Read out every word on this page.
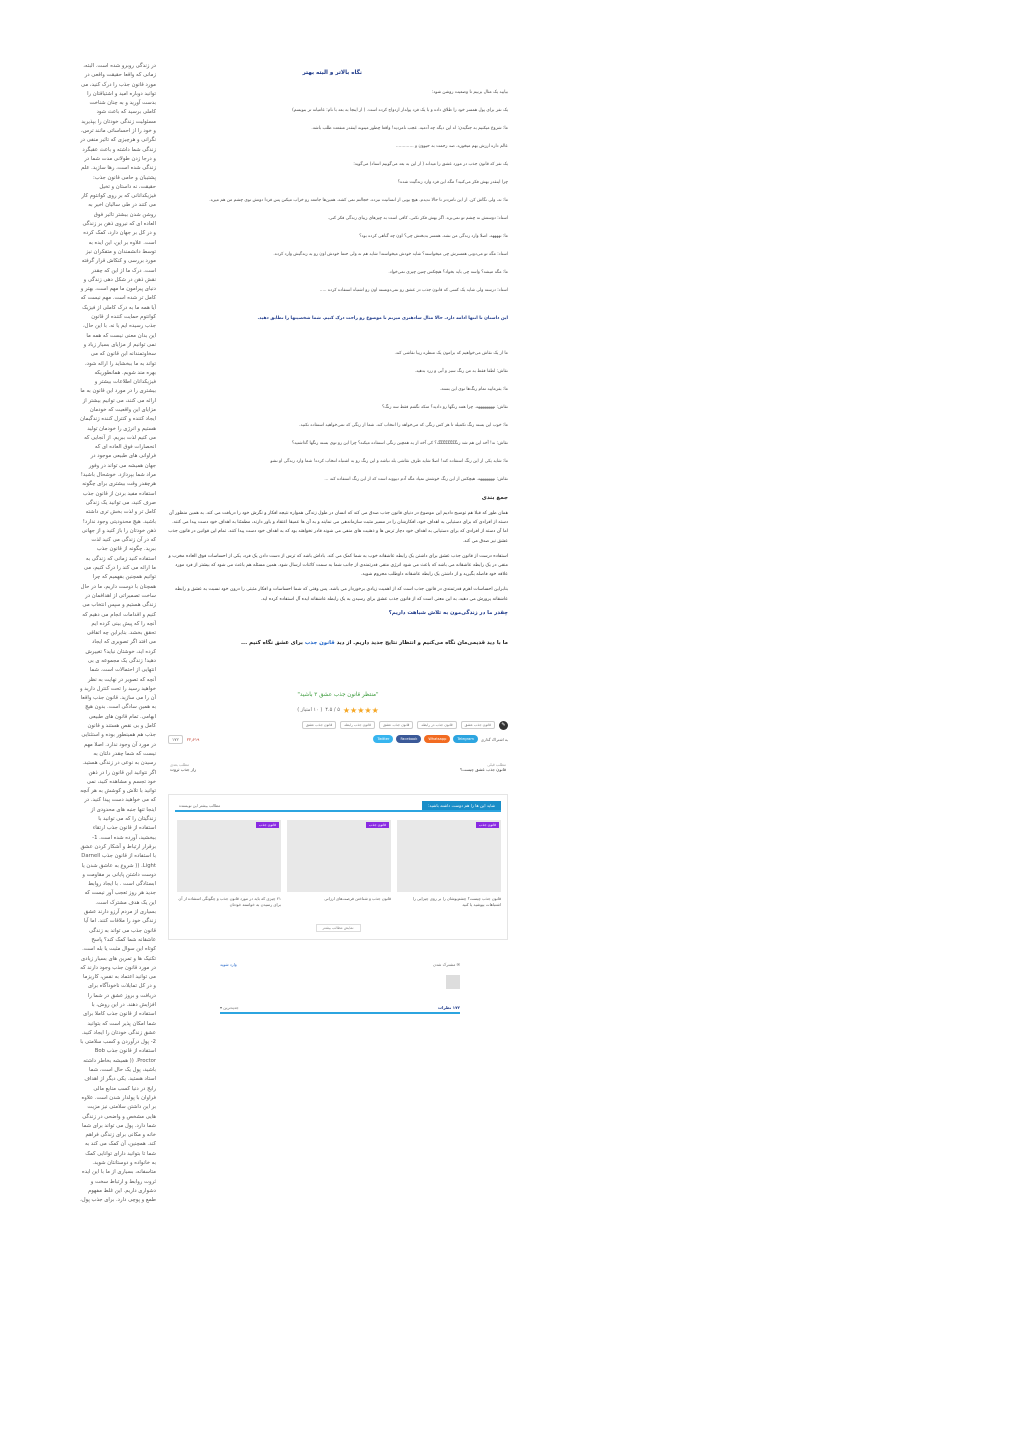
در زندگی روبرو شده است. البته، زمانی که واقعا حقیقت واقعی در مورد قانون جذب را درک کنید، می توانید دوباره امید و اشتیاقتان را بدست آورید و به چنان شناخت کاملی برسید که باعث شود مسئولیت زندگی خودتان را بپذیرید و خود را از احساساتی مانند ترس، نگرانی و هرچیزی که تاثیر منفی در زندگی شما داشته و باعث عقبگرد و درجا زدن طولانی مدت شما در زندگی شده است، رها سازید. علم پشتیبان و حامی قانون جذب: حقیقت، نه داستان و تخیل فیزیکدانانی که بر روی کوانتوم کار می کنند در طی سالیان اخیر به روشن شدن بیشتر تاثیر فوق العاده ای که نیروی ذهن بر زندگی و در کل بر جهان دارد، کمک کرده است. علاوه بر این، این ایده به توسط دانشمندان و متفکران نیز مورد بررسی و کنکاش قرار گرفته است. درک ما از این که چقدر نقش ذهن در شکل دهی زندگی و دنیای پیرامون ما مهم است، بهتر و کامل تر شده است. مهم نیست که آیا همه ما به درک کاملی از فیزیک کوانتوم حمایت کننده از قانون جذب رسیده ایم یا نه. با این حال، این بدان معنی نیست که همه ما نمی توانیم از مزایای بسیار زیاد و سخاوتمندانه این قانون که می تواند به ما ببخشاید را ارائه شود، بهره مند شویم. همانطوریکه فیزیکدانان اطلاعات بیشتر و بیشتری را در مورد این قانون به ما ارائه می کنند، می توانیم بیشتر از مزایای این واقعیت که خودمان ایجاد کننده و کنترل کننده زندگیمان هستیم و انرژی را خودمان تولید می کنیم لذت ببریم. از آنجایی که انحصارات فوق العاده ای که فراوانی های طبیعی موجود در جهان همیشه می تواند در وفور مراد شما بپردازد. خوشحال باشید! هرچقدر وقت بیشتری برای چگونه استفاده مفید بردن از قانون جذب صرف کنید، می توانید یک زندگی کامل تر و لذت بخش تری داشته باشید. هیچ محدودیتی وجود ندارد! ذهن خودتان را باز کنید و از جهانی که در آن زندگی می کنید لذت ببرید. چگونه از قانون جذب استفاده کنید زمانی که زندگی به ما ارائه می کند را درک کنیم، می توانیم همچنین بفهمیم که چرا همچنان با دوست داریم، ما در حال ساخت تصمیراتی از اهدافمان در زندگی هستیم و سپس انتخاب می کنیم و اقدامات انجام می دهیم که آنچه را که پیش بینی کرده ایم تحقق بخشد. بنابراین چه اتفاقی می افتد اگر تصویری که ایجاد کرده اید، خوشتان نیاید؟ تغییرش دهید! زندگی یک مجموعه ی بی انتهایی از احتمالات است. شما آنچه که تصویر در نهایت به نظر خواهید رسید را تحت کنترل دارید و آن را می سازید. قانون جذب واقعا به همین سادگی است. بدون هیچ ابهامی. تمام قانون های طبیعی کامل و بی نقص هستند و قانون جذب هم همینطور بوده و استثنایی در مورد آن وجود ندارد. اصلا مهم نیست که شما چقدر دلتان به رسیدن به نوعی در زندگی هستید. اگر نتوانید این قانون را در ذهن خود تجسم و مشاهده کنید، نمی توانید با تلاش و کوشش به هر آنچه که می خواهید دست پیدا کنید. در اینجا تنها جنبه های محدودی از زندگیتان را که می توانید با استفاده از قانون جذب ارتقاء ببخشید، آورده شده است. 1- برقرار ارتباط و آشکار کردن عشق با استفاده از قانون جذب Darnell Light. (( شروع به عاشق شدن یا دوست داشتن پایانی بر مقاومت و ابستادگی است . با ایجاد روابط جدید هر روز تعجب آور نیست که این یک هدف مشترک است. بسیاری از مردم آرزو دارند عشق زندگی خود را ملاقات کنند. اما آیا قانون جذب می تواند به زندگی عاشقانه شما کمک کند؟ پاسخ کوتاه این سوال مثبت یا بله است. تکنیک ها و تمرین های بسیار زیادی در مورد قانون جذب وجود دارند که می توانید اعتماد به نفس، کاریزما و در کل تمایلات ناخودآگاه برای دریافت و بروز عشق در شما را افزایش دهند. در این روش، با استفاده از قانون جذب کاملا برای شما امکان پذیر است که بتوانید عشق زندگی خودتان را ایجاد کنید. 2- پول درآوردن و کسب سلامتی با استفاده از قانون جذب Bob Proctor. (( همیشه بخاطر داشته باشید، پول یک حال است، شما استاد هستید. یکی دیگر از اهداف رایج در دنیا کسب منابع مالی فراوان با پولدار شدن است. علاوه بر این داشتن سلامتی نیز مزیت هایی مشخص و واضحی در زندگی شما دارد. پول می تواند برای شما خانه و مکانی برای زندگی فراهم کند. همچنین، آن کمک می کند به شما تا بتوانید دارای توانایی کمک به خانواده و دوستانتان شوید. متاسفانه، بسیاری از ما با این ایده ثروت روابط و ارتباط سخت و دشواری داریم. این غلط مفهوم طمع و پوچی دارد. برای جذب پول،
نگاه بالاتر و البته بهتر

بیایید یک مثال بزنیم تا وضعیت روشن شود:

یک نفر برای پول همسر خود را طلاق داده و با یک فرد پولدار ازدواج کرده است. ( از اینجا به بعد با نام: عامیانه تر بنویسم)

ما: شروع میکنیم به جنگیدن: اه این دیگه چه آدمیه. عجب نامردیه! واقعا چطور میتونه اینقدر منفعت طلب باشه.

عالم داره ارزش بهم میخوره. صد رحمت به حیوون و .............

یک نفر که قانون جذب در مورد عشق را میداند ( از این به بعد می‌گوییم استاد) می‌گوید:

چرا اینقدر بهش فکر می‌کنید؟ مگه این فرد وارد زندگیت شده؟

ما: نه، ولی نگاش کن. از این نامردتر تا حالا ندیدم. هیچ بویی از انسانیت نبرده. خجالتم نمی کشه. همین‌ها جامعه رو خراب میکنن پس فردا دوتش توی چشم من هم میره.

استاد: دوستش نه چشم تو نمی‌بره. اگر بهش فکر نکنی. کافی است به چیزهای زیبای زندگی فکر کنی.

ما: نههههه. اصلا وارد زندگی من نشه. همسر بدبختش چی؟ اون چه گناهی کرده بود؟

استاد: مگه تو می‌دونی همسرش چی میخواسته؟ شاید خودش میخواسته! شاید هم نه ولی حتما خودش اون رو به زندگیش وارد کرده.

ما: مگه میشه؟ واسه چی باید بخواد؟ هیچکس چنین چیزی نمی‌خواد.

استاد: درسته ولی شاید یک کسی که قانون جذب در عشق رو نمی‌دونسته اون رو اشتباه استفاده کرده .....

این داستان تا انتها ادامه دارد. حالا مثال سادهتری میزنم تا موضوع رو راحت درک کنیم. شما شخصیتها را تطابق دهید.

ما از یک نقاش می‌خواهیم که برامون یک منظره زیبا نقاشی کند.

نقاش: لطفا فقط به من رنگ سبز و آبی و زرد بدهید.

ما: بفرمایید تمام رنگ‌ها توی این بسته.

نقاش: نههههههههه. چرا همه رنگها رو دادید؟ منکه نگفتم فقط سه رنگ؟

ما: خوب این بسته رنگ تکمیله تا هر کس رنگی که می‌خواهد را انتخاب کند. شما از رنگی که نمی‌خواهید استفاده نکنید.

نقاش: نه! آخه این هم شد رنگگگگگگگگ؟ کی آخه از یه همچین رنگی استفاده میکنه؟ چرا این رو توی بسته رنگها گذاشتید؟

ما: شاید یکی از این رنگ استفاده کنه! اصلا شاید طرف نقاشی بلد نباشه و این رنگ رو به اشتباه انتخاب کرده! شما وارد زندگی او نشو

نقاش: نهههههههه. هیچکس از این رنگ خوشش نمیاد مگه آدم دیوونه است که از این رنگ استفاده کنه ...

جمع بندی

همان طور که قبلا هم توضیح دادیم این موضوع در دنیای قانون جذب صدق می کند که انسان در طول زندگی همواره نتیجه افکار و نگرش خود را دریافت می کند. به همین منظور آن دسته از افرادی که برای دستیابی به اهداف خود، افکارشان را در مسیر مثبت سازماندهی می نمایند و به آن ها عمیقا اعتقاد و باور دارند، مطمئنا به اهداف خود دست پیدا می کنند. اما آن دسته از افرادی که برای دستیابی به اهداف خود دچار ترس ها و ذهنیت های منفی می شوند قادر نخواهند بود که به اهداف خود دست پیدا کنند. تمام این قوانین در قانون جذب عشق نیز صدق می کند.

استفاده درست از قانون جذب عشق برای داشتن یک رابطه عاشقانه خوب به شما کمک می کند. باداش باشد که ترس از دست دادن یک فرد، یکی از احساسات فوق العاده مخرب و منفی در یک رابطه عاشقانه می باشد که باعث می شود انرژی منفی قدرتمندی از جانب شما به سمت کائنات ارسال شود. همین مسئله هم باعث می شود که بیشتر از فرد مورد علاقه خود فاصله بگیرید و از داشتن یک رابطه عاشقانه داوطلب محروم شوید.

بنابراین احساسات اهرم قدرتمندی در قانون جذب است که از اهمیت زیادی برخوردار می باشد. پس وقتی که شما احساسات و افکار مثبتی را درون خود نسبت به عشق و رابطه عاشقانه پرورش می دهید، به این معنی است که از قانون جذب عشق برای رسیدن به یک رابطه عاشقانه ایده آل استفاده کرده اید.

چقدر ما در زندگی‌مون به تلاش شباهت داریم؟
ما با دید قدیمی‌مان نگاه می‌کنیم و انتظار نتایج جدید داریم. از دید قانون جذب برای عشق نگاه کنیم ...
"منتظر قانون جذب عشق ۳ باشید"
★★★★★
۵ / ۴.۵
( ۱۰ امتیاز )
✎
قانون جذب عشق
قانون جذب در رابطه
قانون جذب عشق
قانون جذب رابطه
قانون جذب عشق
به اشتراک گذاری
Telegram
Whatsapp
Facebook
Twitter
۲۲٫۶۱۹
۱۷۲
مطلب قبلی
قانون جذب عشق چیست؟
مطلب بعدی
راز جذب ثروت
شاید این ها را هم دوست داشته باشید:
مطالب بیشتر این نویسنده
قانون جذب
قانون جذب چیست؟ چشم‌پوشان را بر روی چیزایی را اشتباهات بپوشید یا کنید
قانون جذب
قانون جذب و شناختن فرصت‌های ارزانی
قانون جذب
۲۱ چیزی که باید در مورد قانون جذب و چگونگی استفاده از آن برای رسیدن به خواسته خودتان
نمایش مطالب بیشتر
✉ مشترک شدن
وارد شوید
۱۷۲ نظرات
جدیدترین ▾
